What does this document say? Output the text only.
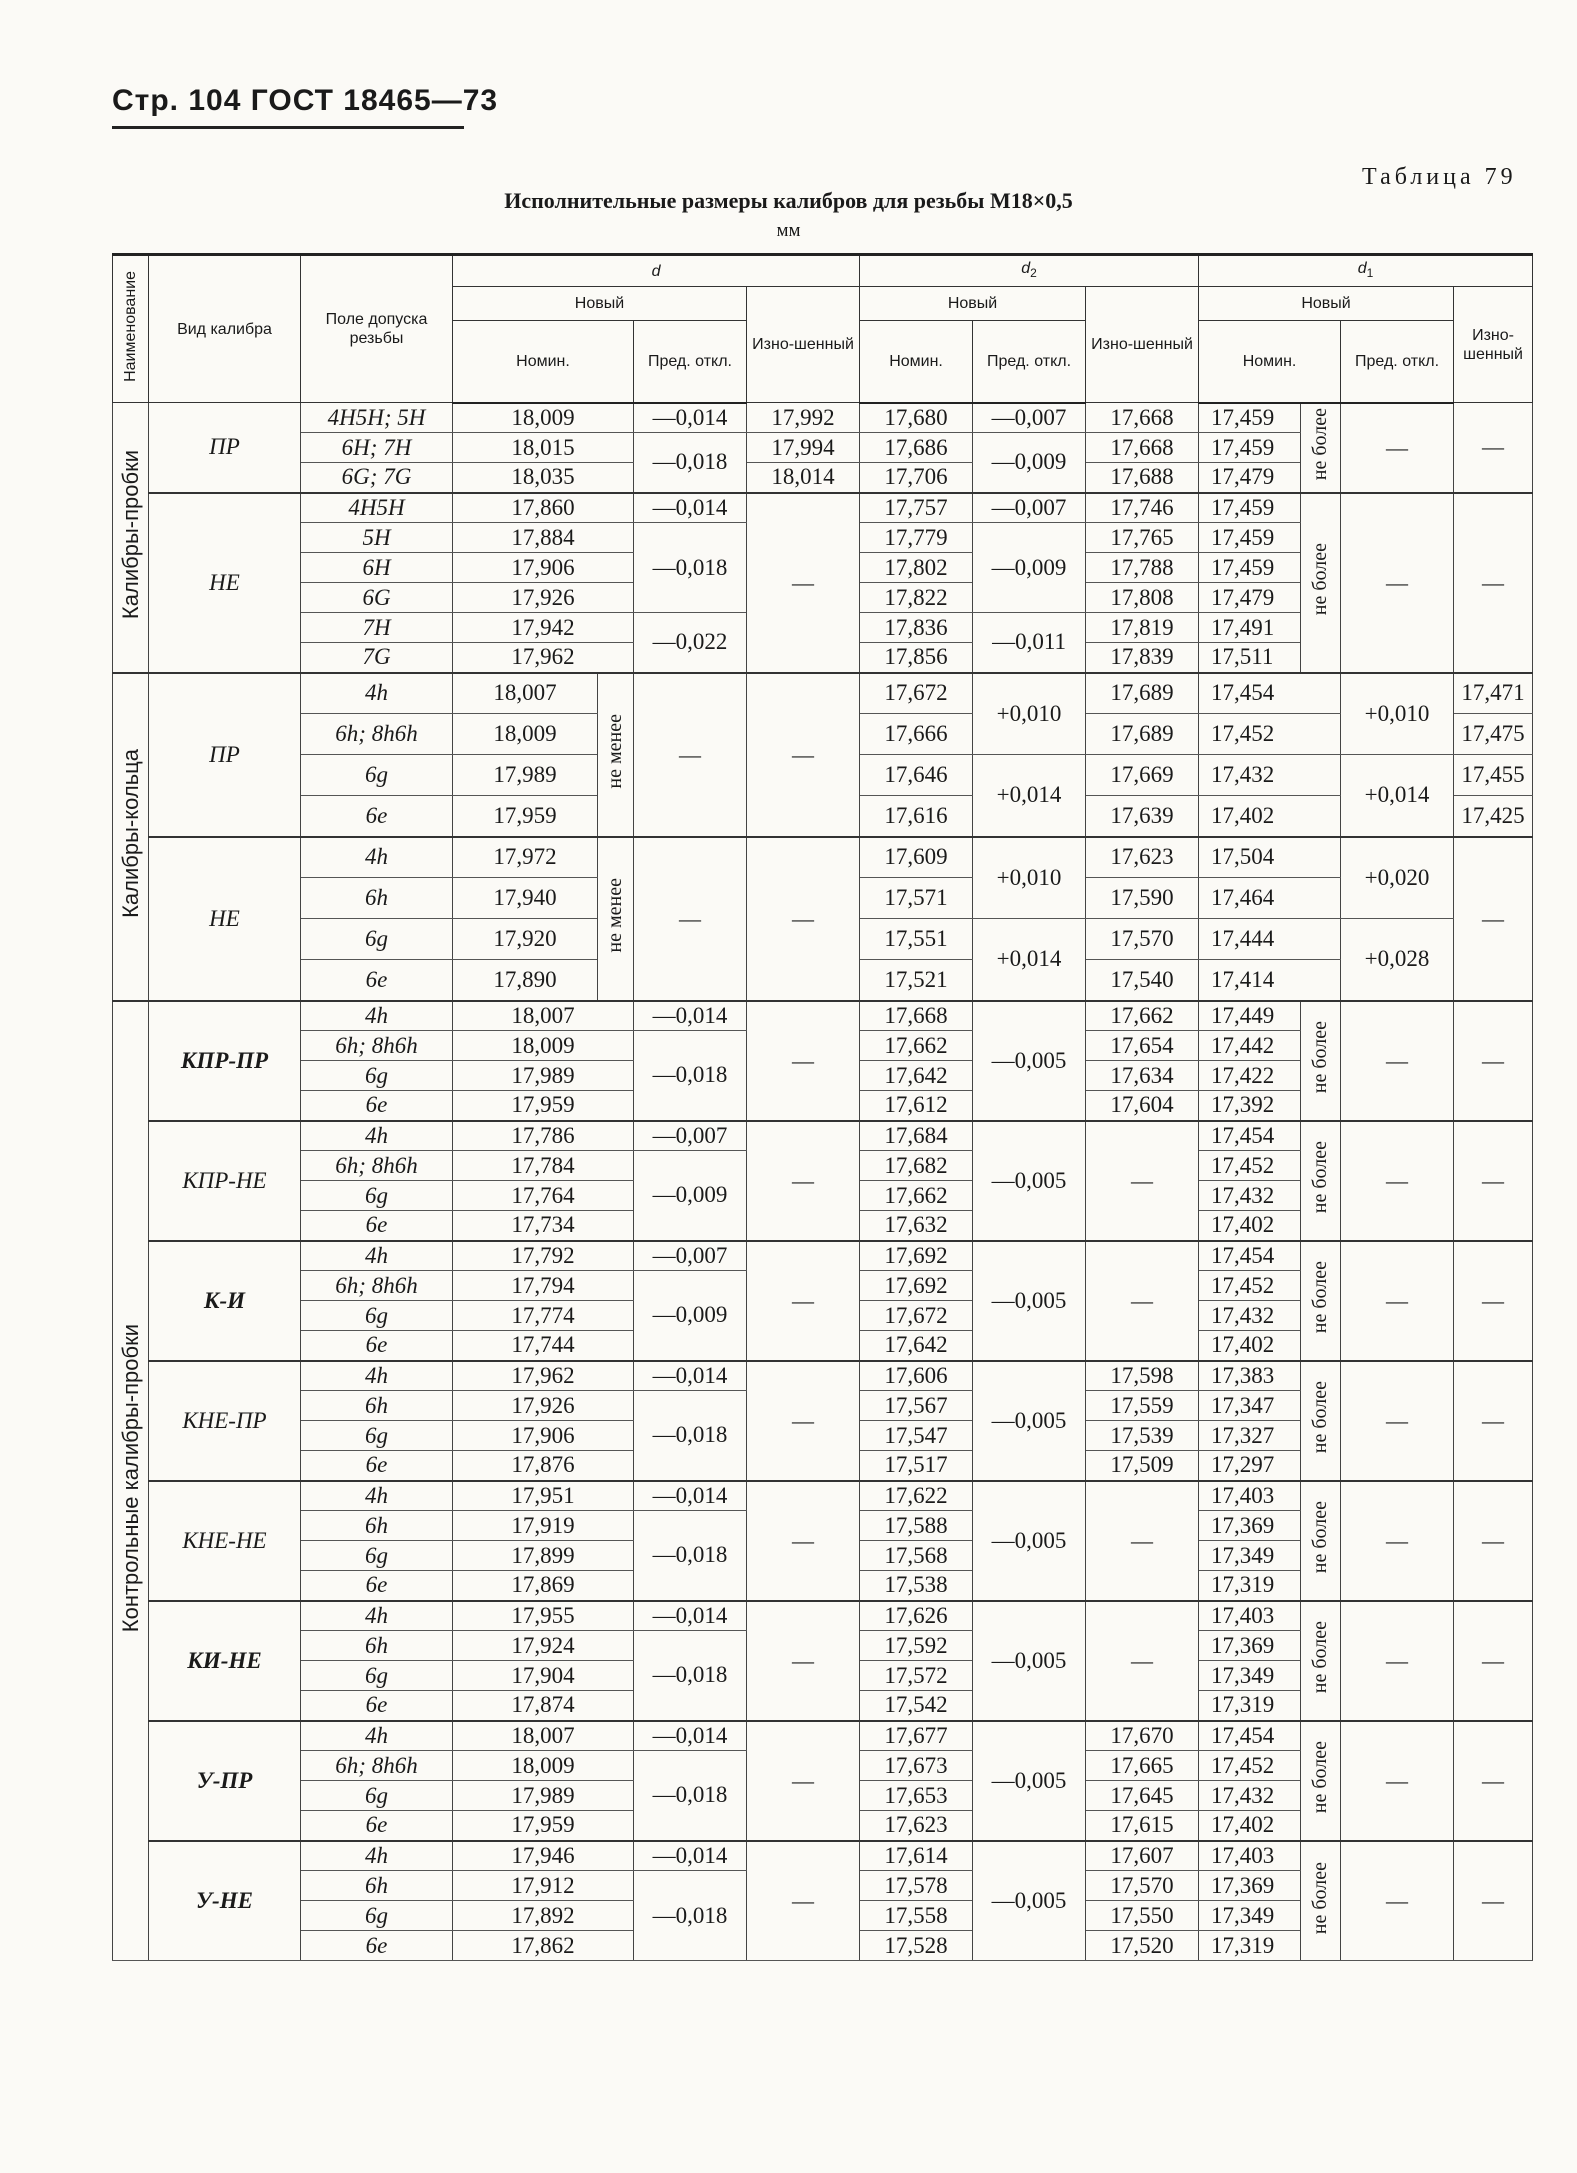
Стр. 104 ГОСТ 18465—73
Таблица 79
Исполнительные размеры калибров для резьбы М18×0,5
мм
Наименование	Вид калибра	Поле допуска резьбы	d				$d_2$			$d_1$
			Новый			Изно-шенный	Новый		Изно-шенный	Новый			Изно-шенный
			Номин.		Пред. откл.		Номин.	Пред. откл.		Номин.		Пред. откл.	
Калибры-пробки	ПР	4H5H; 5H	18,009		—0,014	17,992	17,680	—0,007	17,668	17,459	не более	—	—
		6H; 7H	18,015		—0,018	17,994	17,686	—0,009	17,668	17,459			
		6G; 7G	18,035			18,014	17,706		17,688	17,479			
	НЕ	4H5H	17,860		—0,014	—	17,757	—0,007	17,746	17,459	не более	—	—
		5H	17,884		—0,018		17,779	—0,009	17,765	17,459			
		6H	17,906				17,802		17,788	17,459			
		6G	17,926				17,822		17,808	17,479			
		7H	17,942		—0,022		17,836	—0,011	17,819	17,491			
		7G	17,962				17,856		17,839	17,511			
Калибры-кольца	ПР	4h	18,007	не менее	—	—	17,672	+0,010	17,689	17,454		+0,010	17,471
		6h; 8h6h	18,009				17,666		17,689	17,452			17,475
		6g	17,989				17,646	+0,014	17,669	17,432		+0,014	17,455
		6e	17,959				17,616		17,639	17,402			17,425
	НЕ	4h	17,972	не менее	—	—	17,609	+0,010	17,623	17,504		+0,020	—
		6h	17,940				17,571		17,590	17,464			
		6g	17,920				17,551	+0,014	17,570	17,444		+0,028	
		6e	17,890				17,521		17,540	17,414			
Контрольные калибры-пробки	КПР-ПР	4h	18,007		—0,014	—	17,668	—0,005	17,662	17,449	не более	—	—
		6h; 8h6h	18,009		—0,018		17,662		17,654	17,442			
		6g	17,989				17,642		17,634	17,422			
		6e	17,959				17,612		17,604	17,392			
	КПР-НЕ	4h	17,786		—0,007	—	17,684	—0,005	—	17,454	не более	—	—
		6h; 8h6h	17,784		—0,009		17,682			17,452			
		6g	17,764				17,662			17,432			
		6e	17,734				17,632			17,402			
	К-И	4h	17,792		—0,007	—	17,692	—0,005	—	17,454	не более	—	—
		6h; 8h6h	17,794		—0,009		17,692			17,452			
		6g	17,774				17,672			17,432			
		6e	17,744				17,642			17,402			
	КНЕ-ПР	4h	17,962		—0,014	—	17,606	—0,005	17,598	17,383	не более	—	—
		6h	17,926		—0,018		17,567		17,559	17,347			
		6g	17,906				17,547		17,539	17,327			
		6e	17,876				17,517		17,509	17,297			
	КНЕ-НЕ	4h	17,951		—0,014	—	17,622	—0,005	—	17,403	не более	—	—
		6h	17,919		—0,018		17,588			17,369			
		6g	17,899				17,568			17,349			
		6e	17,869				17,538			17,319			
	КИ-НЕ	4h	17,955		—0,014	—	17,626	—0,005	—	17,403	не более	—	—
		6h	17,924		—0,018		17,592			17,369			
		6g	17,904				17,572			17,349			
		6e	17,874				17,542			17,319			
	У-ПР	4h	18,007		—0,014	—	17,677	—0,005	17,670	17,454	не более	—	—
		6h; 8h6h	18,009		—0,018		17,673		17,665	17,452			
		6g	17,989				17,653		17,645	17,432			
		6e	17,959				17,623		17,615	17,402			
	У-НЕ	4h	17,946		—0,014	—	17,614	—0,005	17,607	17,403	не более	—	—
		6h	17,912		—0,018		17,578		17,570	17,369			
		6g	17,892				17,558		17,550	17,349			
		6e	17,862				17,528		17,520	17,319			
